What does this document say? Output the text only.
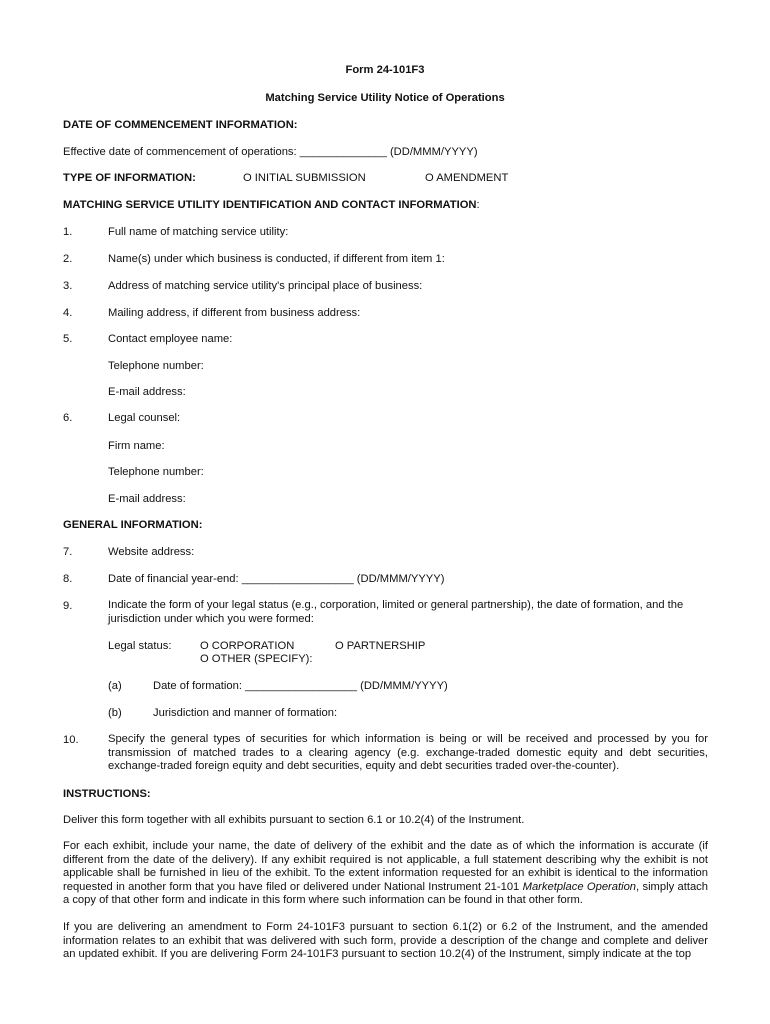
Form 24-101F3
Matching Service Utility Notice of Operations
DATE OF COMMENCEMENT INFORMATION:
Effective date of commencement of operations: ______________ (DD/MMM/YYYY)
TYPE OF INFORMATION:	O INITIAL SUBMISSION	O AMENDMENT
MATCHING SERVICE UTILITY IDENTIFICATION AND CONTACT INFORMATION:
1.	Full name of matching service utility:
2.	Name(s) under which business is conducted, if different from item 1:
3.	Address of matching service utility's principal place of business:
4.	Mailing address, if different from business address:
5.	Contact employee name:
Telephone number:
E-mail address:
6.	Legal counsel:
Firm name:
Telephone number:
E-mail address:
GENERAL INFORMATION:
7.	Website address:
8.	Date of financial year-end: __________________ (DD/MMM/YYYY)
9.	Indicate the form of your legal status (e.g., corporation, limited or general partnership), the date of formation, and the jurisdiction under which you were formed:
Legal status:	O CORPORATION	O PARTNERSHIP
O OTHER (SPECIFY):
(a)	Date of formation: __________________ (DD/MMM/YYYY)
(b)	Jurisdiction and manner of formation:
10.	Specify the general types of securities for which information is being or will be received and processed by you for transmission of matched trades to a clearing agency (e.g. exchange-traded domestic equity and debt securities, exchange-traded foreign equity and debt securities, equity and debt securities traded over-the-counter).
INSTRUCTIONS:
Deliver this form together with all exhibits pursuant to section 6.1 or 10.2(4) of the Instrument.
For each exhibit, include your name, the date of delivery of the exhibit and the date as of which the information is accurate (if different from the date of the delivery). If any exhibit required is not applicable, a full statement describing why the exhibit is not applicable shall be furnished in lieu of the exhibit. To the extent information requested for an exhibit is identical to the information requested in another form that you have filed or delivered under National Instrument 21-101 Marketplace Operation, simply attach a copy of that other form and indicate in this form where such information can be found in that other form.
If you are delivering an amendment to Form 24-101F3 pursuant to section 6.1(2) or 6.2 of the Instrument, and the amended information relates to an exhibit that was delivered with such form, provide a description of the change and complete and deliver an updated exhibit. If you are delivering Form 24-101F3 pursuant to section 10.2(4) of the Instrument, simply indicate at the top
